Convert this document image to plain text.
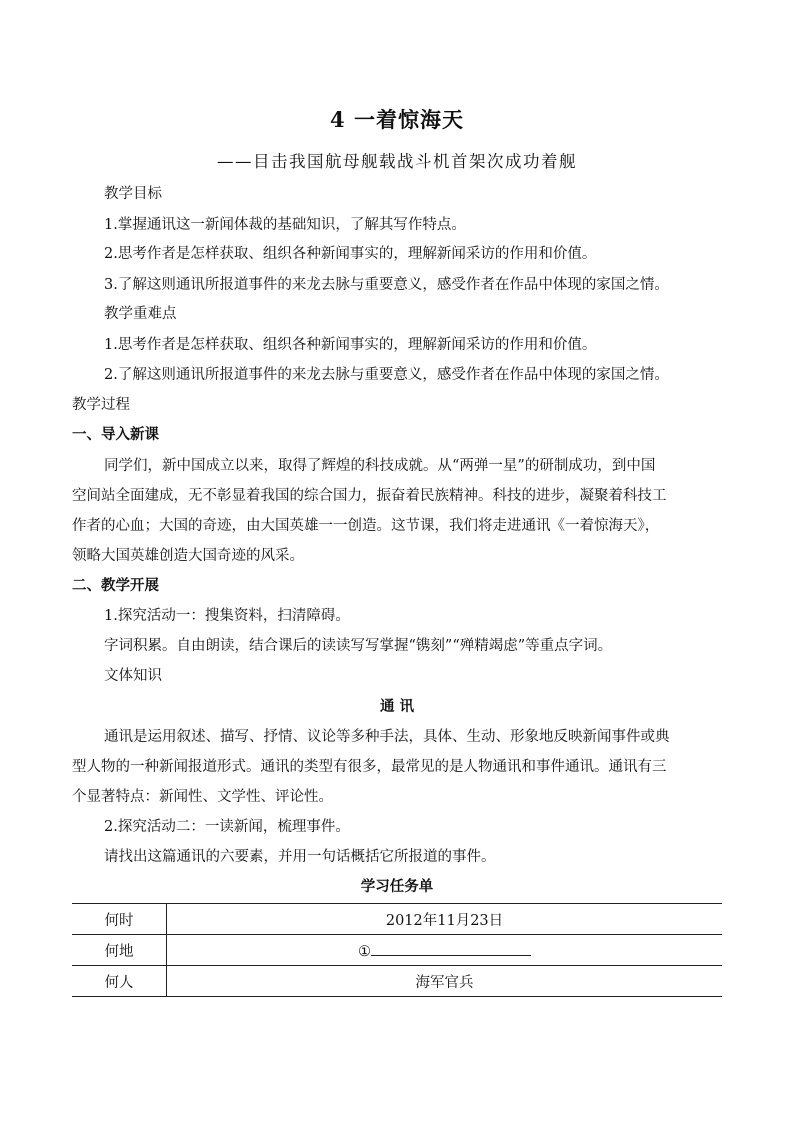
4 一着惊海天
——目击我国航母舰载战斗机首架次成功着舰
教学目标
1.掌握通讯这一新闻体裁的基础知识，了解其写作特点。
2.思考作者是怎样获取、组织各种新闻事实的，理解新闻采访的作用和价值。
3.了解这则通讯所报道事件的来龙去脉与重要意义，感受作者在作品中体现的家国之情。
教学重难点
1.思考作者是怎样获取、组织各种新闻事实的，理解新闻采访的作用和价值。
2.了解这则通讯所报道事件的来龙去脉与重要意义，感受作者在作品中体现的家国之情。
教学过程
一、导入新课
同学们，新中国成立以来，取得了辉煌的科技成就。从“两弹一星”的研制成功，到中国
空间站全面建成，无不彰显着我国的综合国力，振奋着民族精神。科技的进步，凝聚着科技工
作者的心血；大国的奇迹，由大国英雄一一创造。这节课，我们将走进通讯《一着惊海天》，
领略大国英雄创造大国奇迹的风采。
二、教学开展
1.探究活动一：搜集资料，扫清障碍。
字词积累。自由朗读，结合课后的读读写写掌握“镌刻”“殚精竭虑”等重点字词。
文体知识
通 讯
通讯是运用叙述、描写、抒情、议论等多种手法，具体、生动、形象地反映新闻事件或典
型人物的一种新闻报道形式。通讯的类型有很多，最常见的是人物通讯和事件通讯。通讯有三
个显著特点：新闻性、文学性、评论性。
2.探究活动二：一读新闻，梳理事件。
请找出这篇通讯的六要素，并用一句话概括它所报道的事件。
学习任务单
何时	2012年11月23日
何地	①
何人	海军官兵
